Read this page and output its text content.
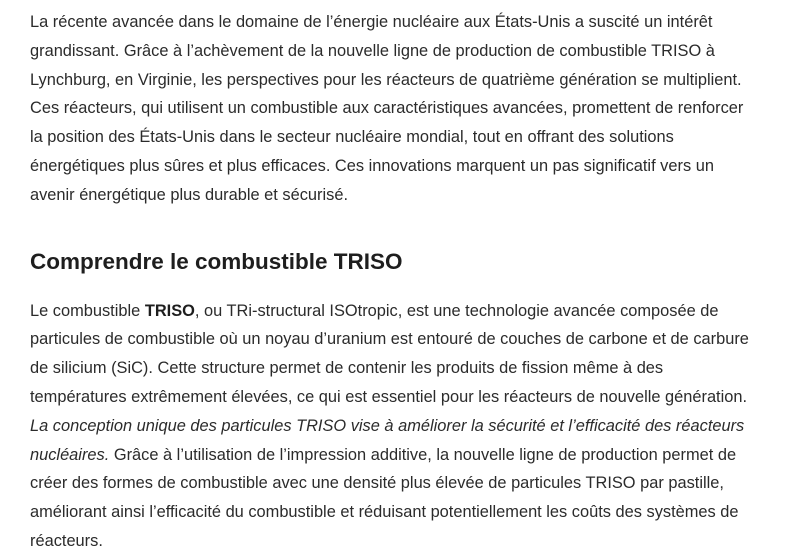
La récente avancée dans le domaine de l’énergie nucléaire aux États-Unis a suscité un intérêt grandissant. Grâce à l’achèvement de la nouvelle ligne de production de combustible TRISO à Lynchburg, en Virginie, les perspectives pour les réacteurs de quatrième génération se multiplient. Ces réacteurs, qui utilisent un combustible aux caractéristiques avancées, promettent de renforcer la position des États-Unis dans le secteur nucléaire mondial, tout en offrant des solutions énergétiques plus sûres et plus efficaces. Ces innovations marquent un pas significatif vers un avenir énergétique plus durable et sécurisé.

Comprendre le combustible TRISO

Le combustible TRISO, ou TRi-structural ISOtropic, est une technologie avancée composée de particules de combustible où un noyau d’uranium est entouré de couches de carbone et de carbure de silicium (SiC). Cette structure permet de contenir les produits de fission même à des températures extrêmement élevées, ce qui est essentiel pour les réacteurs de nouvelle génération. La conception unique des particules TRISO vise à améliorer la sécurité et l’efficacité des réacteurs nucléaires. Grâce à l’utilisation de l’impression additive, la nouvelle ligne de production permet de créer des formes de combustible avec une densité plus élevée de particules TRISO par pastille, améliorant ainsi l’efficacité du combustible et réduisant potentiellement les coûts des systèmes de réacteurs.
